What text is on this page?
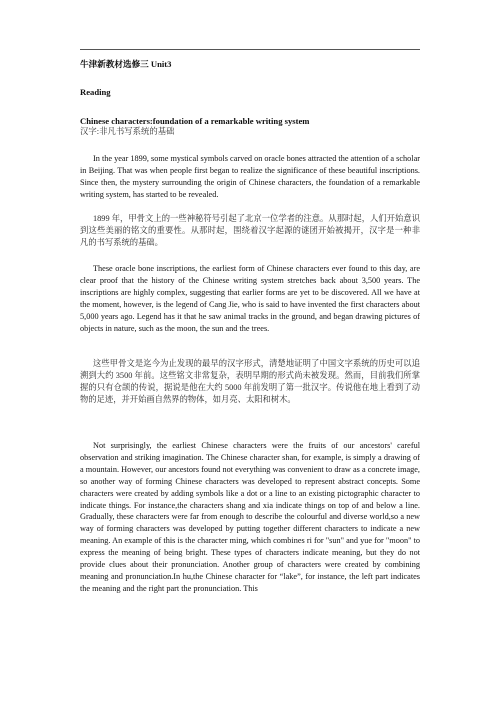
牛津新教材选修三 Unit3
Reading
Chinese characters:foundation of a remarkable writing system
汉字:非凡书写系统的基础

In the year 1899, some mystical symbols carved on oracle bones attracted the attention of a scholar in Beijing. That was when people first began to realize the significance of these beautiful inscriptions. Since then, the mystery surrounding the origin of Chinese characters, the foundation of a remarkable writing system, has started to be revealed.

1899 年，甲骨文上的一些神秘符号引起了北京一位学者的注意。从那时起，人们开始意识到这些美丽的铭文的重要性。从那时起，围绕着汉字起源的谜团开始被揭开，汉字是一种非凡的书写系统的基础。

These oracle bone inscriptions, the earliest form of Chinese characters ever found to this day, are clear proof that the history of the Chinese writing system stretches back about 3,500 years. The inscriptions are highly complex, suggesting that earlier forms are yet to be discovered. All we have at the moment, however, is the legend of Cang Jie, who is said to have invented the first characters about 5,000 years ago. Legend has it that he saw animal tracks in the ground, and began drawing pictures of objects in nature, such as the moon, the sun and the trees.

这些甲骨文是迄今为止发现的最早的汉字形式，清楚地证明了中国文字系统的历史可以追溯到大约 3500 年前。这些铭文非常复杂，表明早期的形式尚未被发现。然而，目前我们所掌握的只有仓颉的传说，据说是他在大约 5000 年前发明了第一批汉字。传说他在地上看到了动物的足迹，并开始画自然界的物体，如月亮、太阳和树木。

Not surprisingly, the earliest Chinese characters were the fruits of our ancestors' careful observation and striking imagination. The Chinese character shan, for example, is simply a drawing of a mountain. However, our ancestors found not everything was convenient to draw as a concrete image, so another way of forming Chinese characters was developed to represent abstract concepts. Some characters were created by adding symbols like a dot or a line to an existing pictographic character to indicate things. For instance,the characters shang and xia indicate things on top of and below a line. Gradually, these characters were far from enough to describe the colourful and diverse world,so a new way of forming characters was developed by putting together different characters to indicate a new meaning. An example of this is the character ming, which combines ri for "sun" and yue for "moon" to express the meaning of being bright. These types of characters indicate meaning, but they do not provide clues about their pronunciation. Another group of characters were created by combining meaning and pronunciation.In hu,the Chinese character for “lake”, for instance, the left part indicates the meaning and the right part the pronunciation. This
